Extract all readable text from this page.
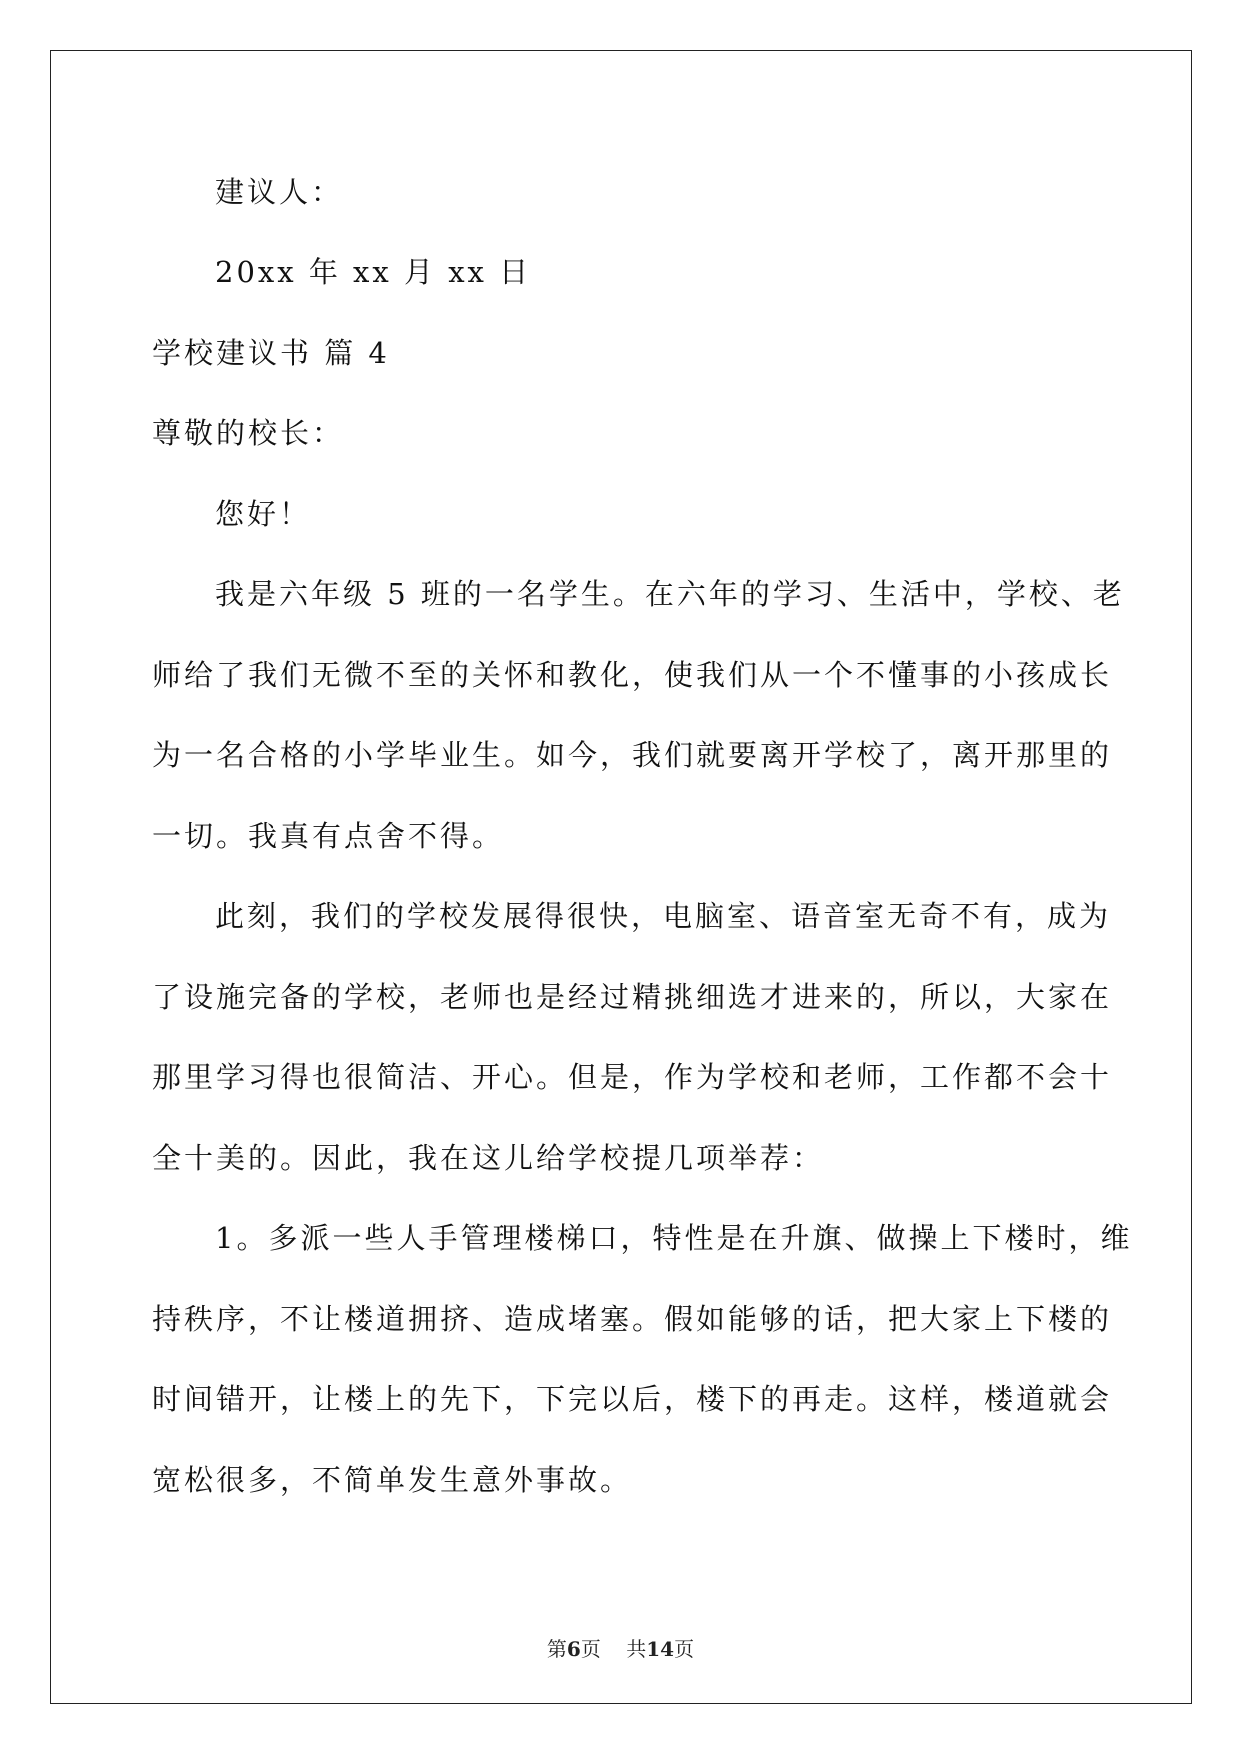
建议人：
20xx 年 xx 月 xx 日
学校建议书 篇 4
尊敬的校长：
您好！
我是六年级 5 班的一名学生。在六年的学习、生活中，学校、老
师给了我们无微不至的关怀和教化，使我们从一个不懂事的小孩成长
为一名合格的小学毕业生。如今，我们就要离开学校了，离开那里的
一切。我真有点舍不得。
此刻，我们的学校发展得很快，电脑室、语音室无奇不有，成为
了设施完备的学校，老师也是经过精挑细选才进来的，所以，大家在
那里学习得也很简洁、开心。但是，作为学校和老师，工作都不会十
全十美的。因此，我在这儿给学校提几项举荐：
1。多派一些人手管理楼梯口，特性是在升旗、做操上下楼时，维
持秩序，不让楼道拥挤、造成堵塞。假如能够的话，把大家上下楼的
时间错开，让楼上的先下，下完以后，楼下的再走。这样，楼道就会
宽松很多，不简单发生意外事故。
第6页 共14页
